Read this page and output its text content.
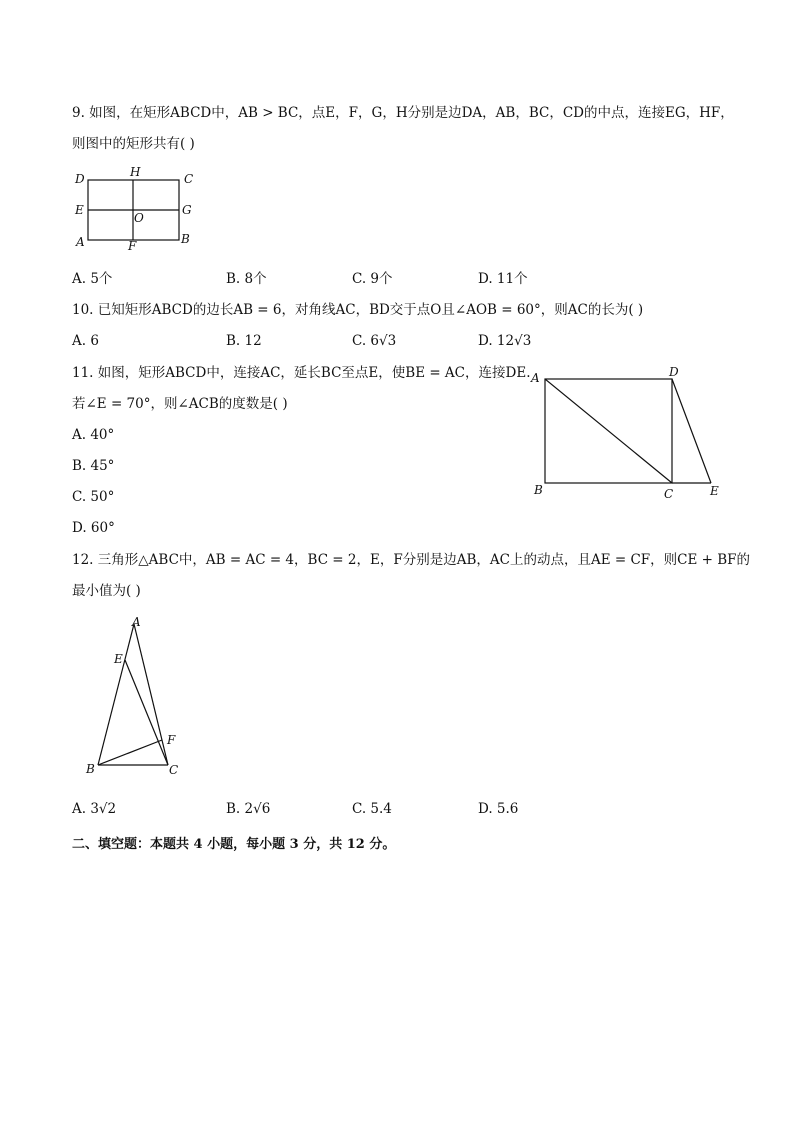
9. 如图，在矩形ABCD中，AB > BC，点E，F，G，H分别是边DA，AB，BC，CD的中点，连接EG，HF，
则图中的矩形共有( )
D	H	C
E
O
G
A	F	B
A. 5个	B. 8个	C. 9个	D. 11个
10. 已知矩形ABCD的边长AB = 6，对角线AC，BD交于点O且∠AOB = 60°，则AC的长为( )
A. 6	B. 12	C. 6√3	D. 12√3
11. 如图，矩形ABCD中，连接AC，延长BC至点E，使BE = AC，连接DE.
若∠E = 70°，则∠ACB的度数是( )
A. 40°
B. 45°
C. 50°
D. 60°
A	D
B	C	E
12. 三角形△ABC中，AB = AC = 4，BC = 2，E，F分别是边AB，AC上的动点，且AE = CF，则CE + BF的
最小值为( )
A
E
F
B	C
A. 3√2	B. 2√6	C. 5.4	D. 5.6
二、填空题：本题共 4 小题，每小题 3 分，共 12 分。
